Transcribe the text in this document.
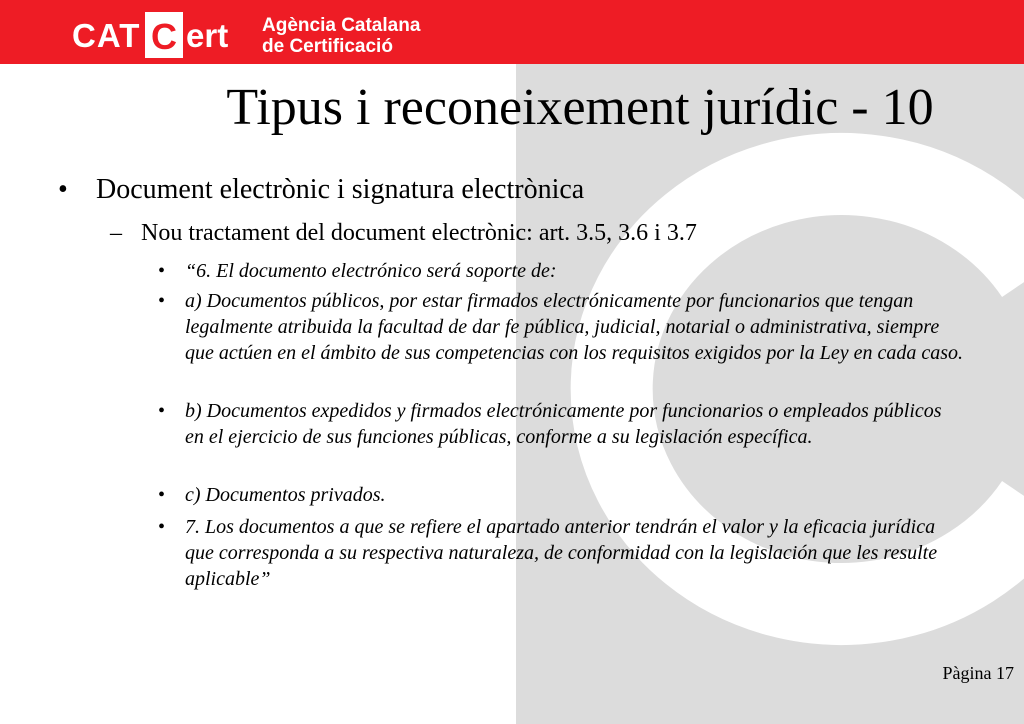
CAT C ert Agència Catalana
de Certificació
Tipus i reconeixement jurídic - 10
• Document electrònic i signatura electrònica
– Nou tractament del document electrònic: art. 3.5, 3.6 i 3.7
• “6. El documento electrónico será soporte de:
• a) Documentos públicos, por estar firmados electrónicamente por funcionarios que tengan legalmente atribuida la facultad de dar fe pública, judicial, notarial o administrativa, siempre que actúen en el ámbito de sus competencias con los requisitos exigidos por la Ley en cada caso.
• b) Documentos expedidos y firmados electrónicamente por funcionarios o empleados públicos en el ejercicio de sus funciones públicas, conforme a su legislación específica.
• c) Documentos privados.
• 7. Los documentos a que se refiere el apartado anterior tendrán el valor y la eficacia jurídica que corresponda a su respectiva naturaleza, de conformidad con la legislación que les resulte aplicable”
Pàgina 17
